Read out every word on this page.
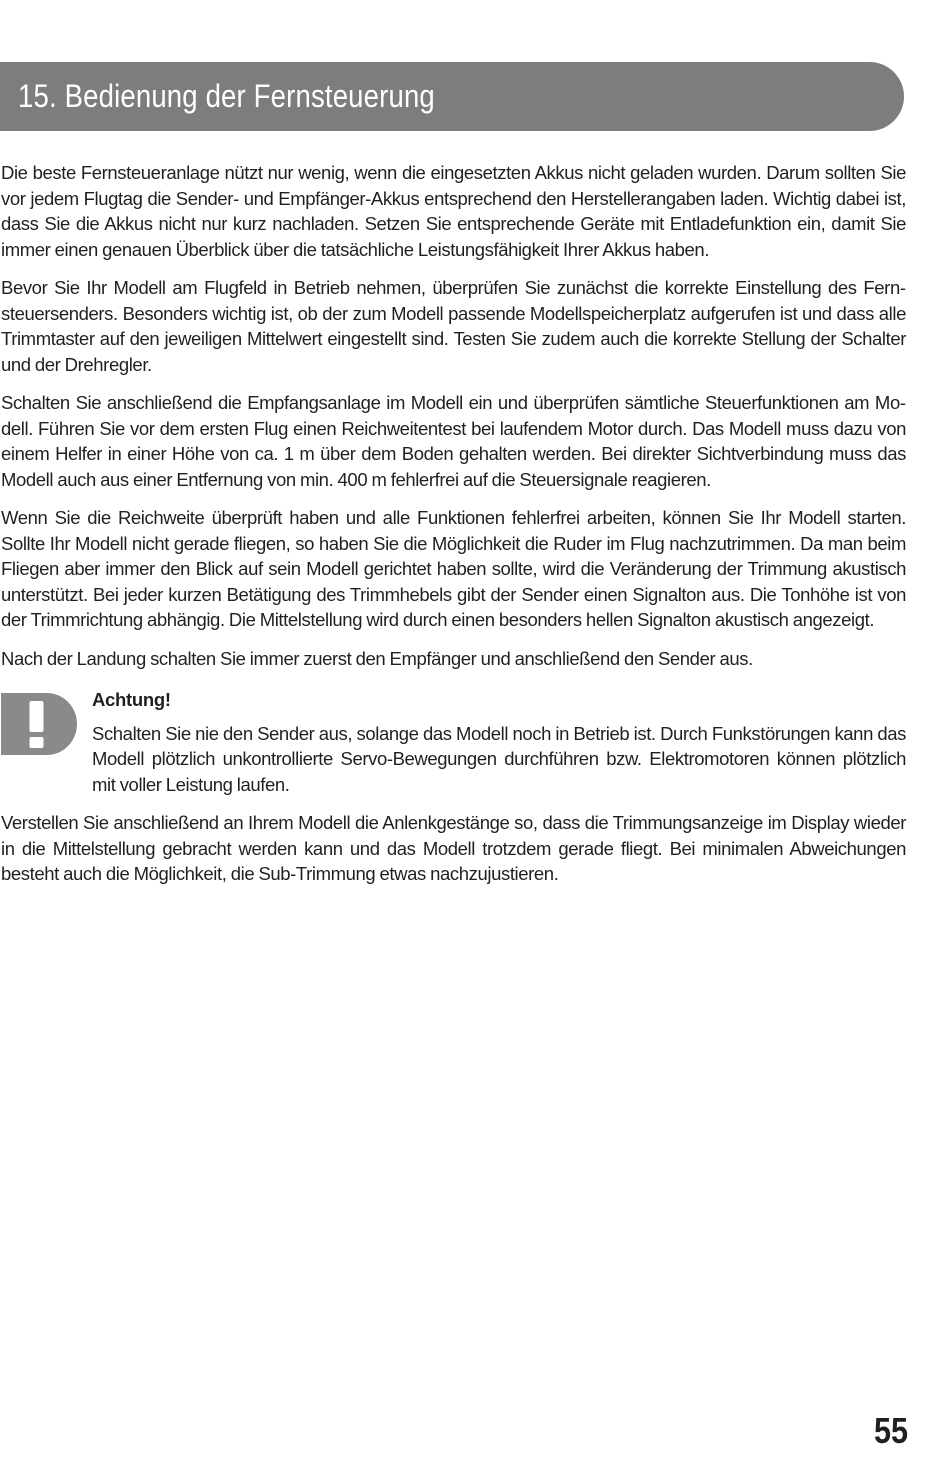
15. Bedienung der Fernsteuerung

Die beste Fernsteueranlage nützt nur wenig, wenn die eingesetzten Akkus nicht geladen wurden. Darum sollten Sie vor jedem Flugtag die Sender- und Empfänger-Akkus entsprechend den Herstellerangaben laden. Wichtig dabei ist, dass Sie die Akkus nicht nur kurz nachladen. Setzen Sie entsprechende Geräte mit Entladefunktion ein, damit Sie immer einen genauen Überblick über die tatsächliche Leistungsfähigkeit Ihrer Akkus haben.

Bevor Sie Ihr Modell am Flugfeld in Betrieb nehmen, überprüfen Sie zunächst die korrekte Einstellung des Fernsteuersenders. Besonders wichtig ist, ob der zum Modell passende Modellspeicherplatz aufgerufen ist und dass alle Trimmtaster auf den jeweiligen Mittelwert eingestellt sind. Testen Sie zudem auch die korrekte Stellung der Schalter und der Drehregler.

Schalten Sie anschließend die Empfangsanlage im Modell ein und überprüfen sämtliche Steuerfunktionen am Modell. Führen Sie vor dem ersten Flug einen Reichweitentest bei laufendem Motor durch. Das Modell muss dazu von einem Helfer in einer Höhe von ca. 1 m über dem Boden gehalten werden. Bei direkter Sichtverbindung muss das Modell auch aus einer Entfernung von min. 400 m fehlerfrei auf die Steuersignale reagieren.

Wenn Sie die Reichweite überprüft haben und alle Funktionen fehlerfrei arbeiten, können Sie Ihr Modell starten. Sollte Ihr Modell nicht gerade fliegen, so haben Sie die Möglichkeit die Ruder im Flug nachzutrimmen. Da man beim Fliegen aber immer den Blick auf sein Modell gerichtet haben sollte, wird die Veränderung der Trimmung akustisch unterstützt. Bei jeder kurzen Betätigung des Trimmhebels gibt der Sender einen Signalton aus. Die Tonhöhe ist von der Trimmrichtung abhängig. Die Mittelstellung wird durch einen besonders hellen Signalton akustisch angezeigt.

Nach der Landung schalten Sie immer zuerst den Empfänger und anschließend den Sender aus.

Achtung!

Schalten Sie nie den Sender aus, solange das Modell noch in Betrieb ist. Durch Funkstörungen kann das Modell plötzlich unkontrollierte Servo-Bewegungen durchführen bzw. Elektromotoren können plötzlich mit voller Leistung laufen.

Verstellen Sie anschließend an Ihrem Modell die Anlenkgestänge so, dass die Trimmungsanzeige im Display wieder in die Mittelstellung gebracht werden kann und das Modell trotzdem gerade fliegt. Bei minimalen Abweichungen besteht auch die Möglichkeit, die Sub-Trimmung etwas nachzujustieren.

55
